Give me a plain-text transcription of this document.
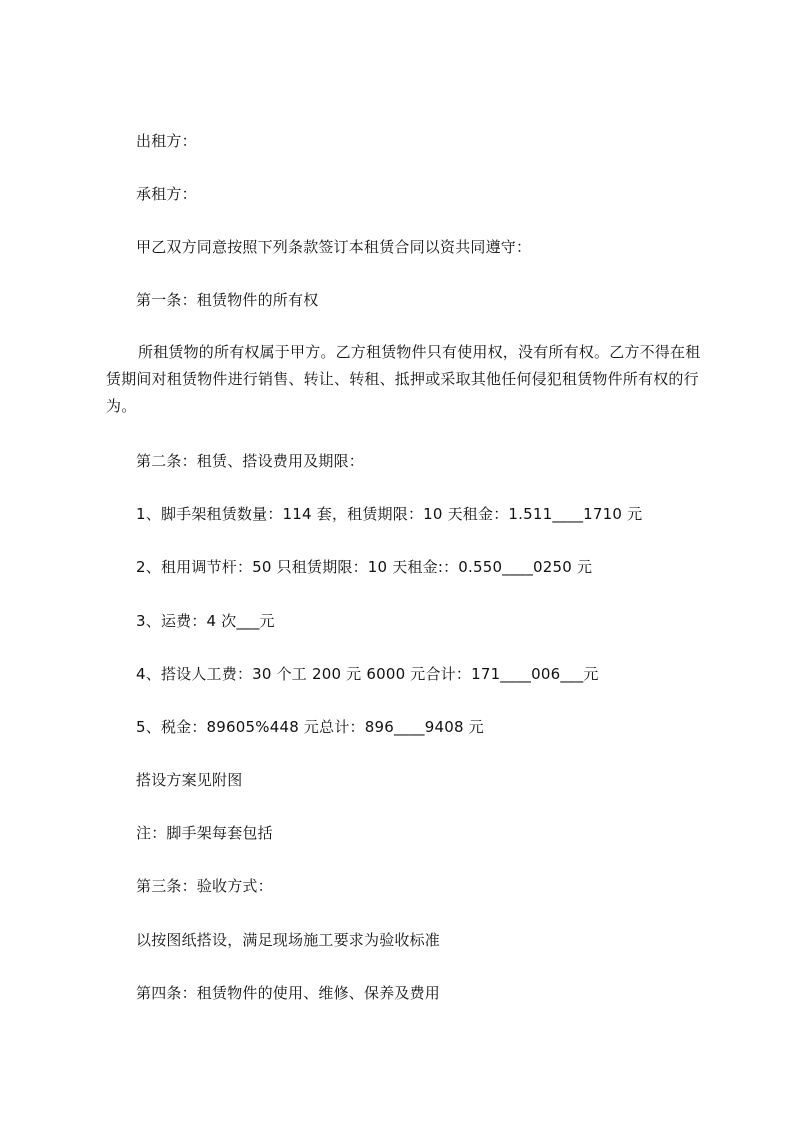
出租方：
承租方：
甲乙双方同意按照下列条款签订本租赁合同以资共同遵守：
第一条：租赁物件的所有权
所租赁物的所有权属于甲方。乙方租赁物件只有使用权，没有所有权。乙方不得在租赁期间对租赁物件进行销售、转让、转租、抵押或采取其他任何侵犯租赁物件所有权的行为。
第二条：租赁、搭设费用及期限：
1、脚手架租赁数量：114 套，租赁期限：10 天租金：1.511____1710 元
2、租用调节杆：50 只租赁期限：10 天租金:：0.550____0250 元
3、运费：4 次___元
4、搭设人工费：30 个工 200 元 6000 元合计：171____006___元
5、税金：89605%448 元总计：896____9408 元
搭设方案见附图
注：脚手架每套包括
第三条：验收方式：
以按图纸搭设，满足现场施工要求为验收标准
第四条：租赁物件的使用、维修、保养及费用
